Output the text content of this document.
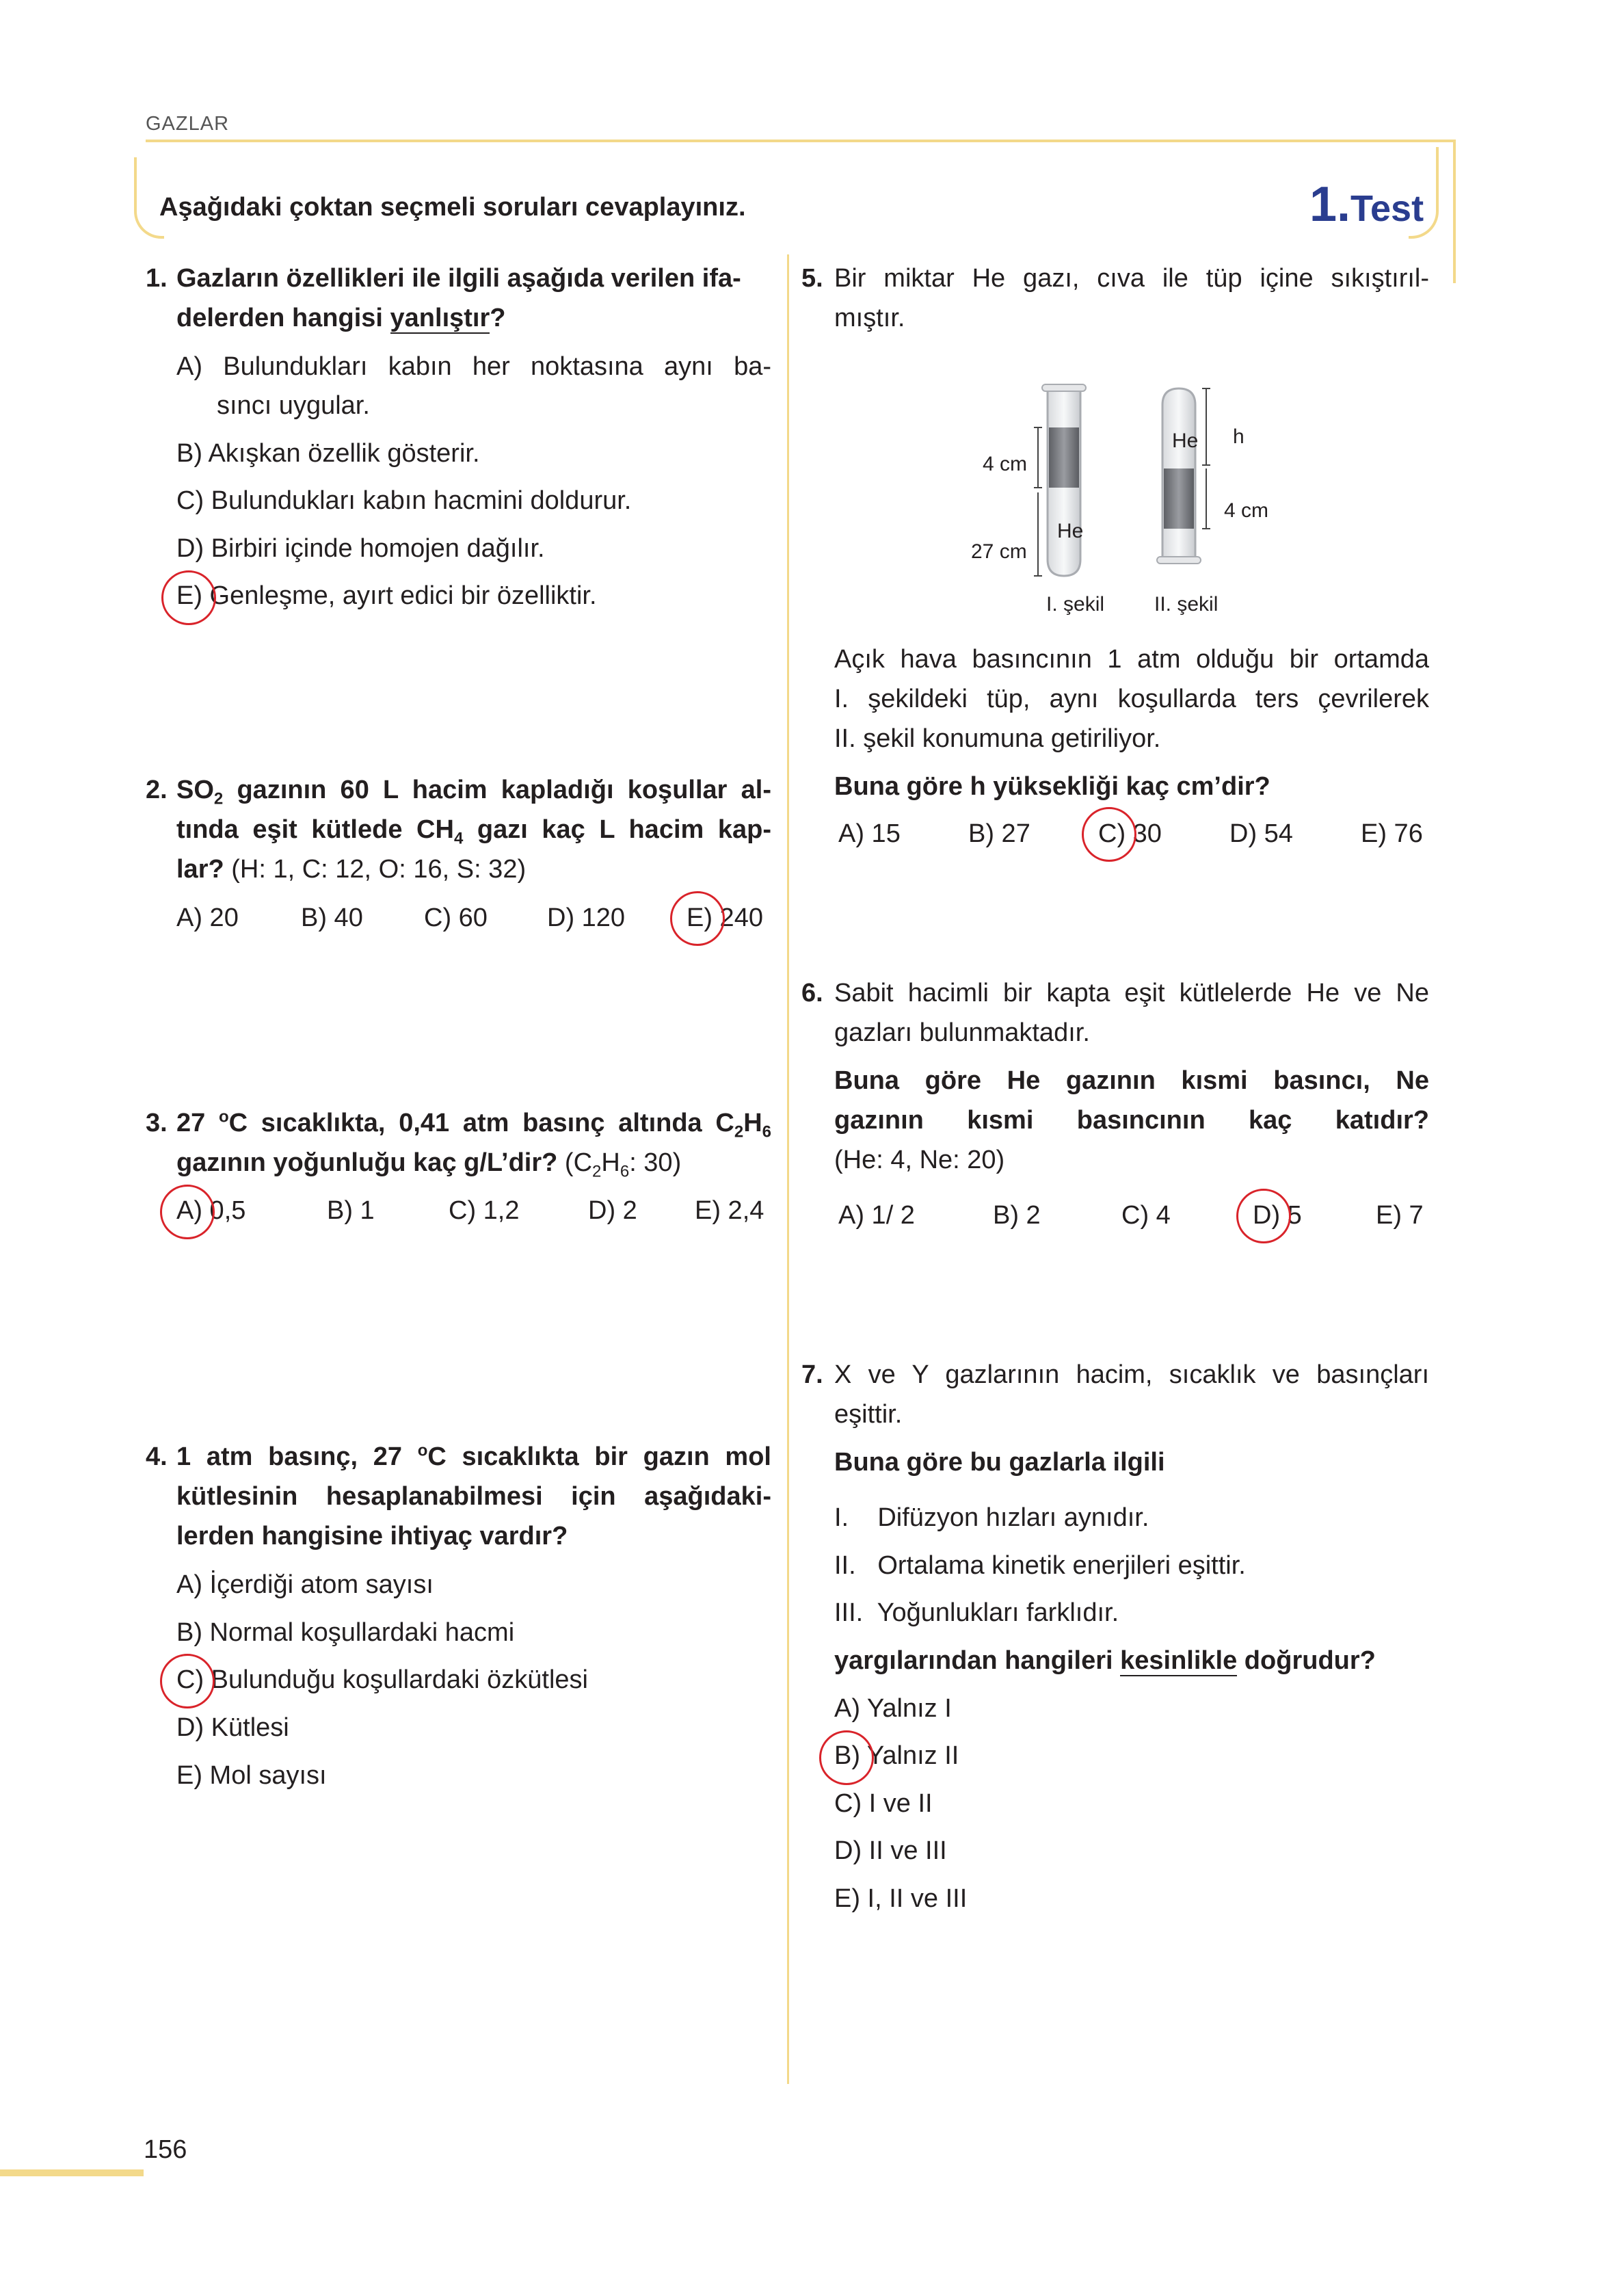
GAZLAR
Aşağıdaki çoktan seçmeli soruları cevaplayınız.	1.Test
1. Gazların özellikleri ile ilgili aşağıda verilen ifa-
delerden hangisi yanlıştır?
A) Bulundukları kabın her noktasına aynı ba-
sıncı uygular.
B) Akışkan özellik gösterir.
C) Bulundukları kabın hacmini doldurur.
D) Birbiri içinde homojen dağılır.
E) Genleşme, ayırt edici bir özelliktir.
2. $SO_2$ gazının 60 L hacim kapladığı koşullar al-
tında eşit kütlede $CH_4$ gazı kaç L hacim kap-
lar? (H: 1, C: 12, O: 16, S: 32)
A) 20 B) 40 C) 60 D) 120 E) 240
3. 27 $^o$C sıcaklıkta, 0,41 atm basınç altında $C_2H_6$
gazının yoğunluğu kaç g/L’dir? ($C_2H_6$: 30)
A) 0,5	B) 1	C) 1,2	D) 2 E) 2,4
4. 1 atm basınç, 27 $^o$C sıcaklıkta bir gazın mol
kütlesinin hesaplanabilmesi için aşağıdaki-
lerden hangisine ihtiyaç vardır?
A) İçerdiği atom sayısı
B) Normal koşullardaki hacmi
C) Bulunduğu koşullardaki özkütlesi
D) Kütlesi
E) Mol sayısı
5. Bir miktar He gazı, cıva ile tüp içine sıkıştırıl-
mıştır.
4 cm
27 cm
He
He h
4 cm
I. şekil II. şekil
Açık hava basıncının 1 atm olduğu bir ortamda
I. şekildeki tüp, aynı koşullarda ters çevrilerek
II. şekil konumuna getiriliyor.
Buna göre h yüksekliği kaç cm’dir?
A) 15	B) 27	C) 30	D) 54	E) 76
6. Sabit hacimli bir kapta eşit kütlelerde He ve Ne
gazları bulunmaktadır.
Buna göre He gazının kısmi basıncı, Ne
gazının kısmi basıncının kaç katıdır?
(He: 4, Ne: 20)
A) 1/ 2	B) 2	C) 4	D) 5	E) 7
7. X ve Y gazlarının hacim, sıcaklık ve basınçları
eşittir.
Buna göre bu gazlarla ilgili
I.    Difüzyon hızları aynıdır.
II.   Ortalama kinetik enerjileri eşittir.
III.  Yoğunlukları farklıdır.
yargılarından hangileri kesinlikle doğrudur?
A) Yalnız I
B) Yalnız II
C) I ve II
D) II ve III
E) I, II ve III
156
